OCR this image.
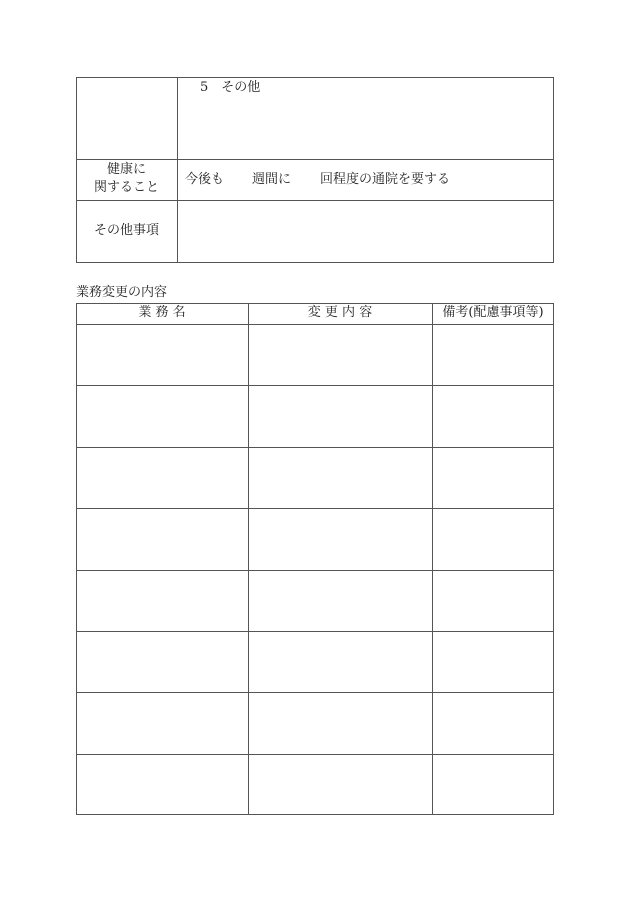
5　その他
健康に
関すること
今後も 週間に 回程度の通院を要する
その他事項
業務変更の内容
業 務 名	変 更 内 容	備考(配慮事項等)
